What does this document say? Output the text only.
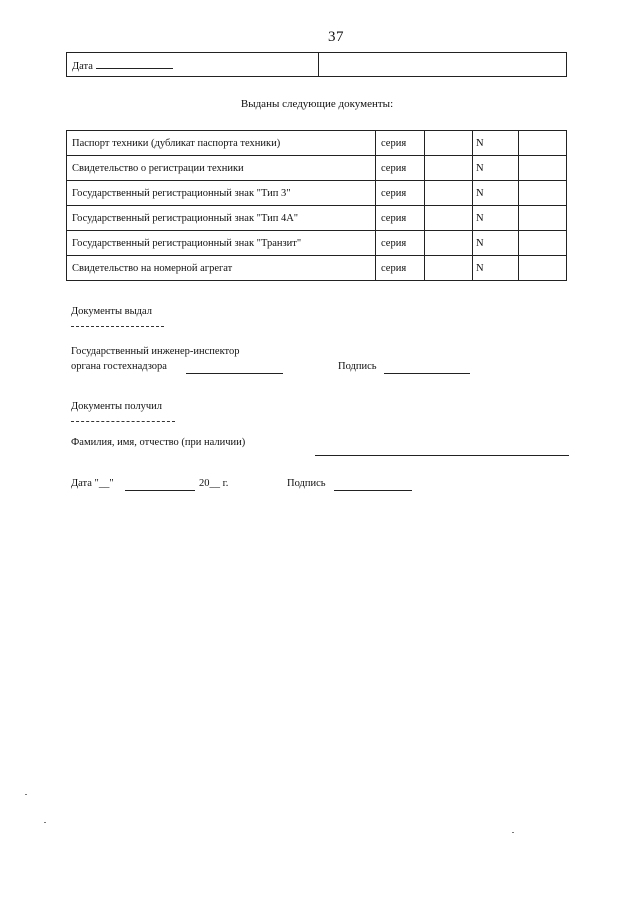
37
Дата	
Выданы следующие документы:
Паспорт техники (дубликат паспорта техники)	серия		N	
Свидетельство о регистрации техники	серия		N	
Государственный регистрационный знак "Тип 3"	серия		N	
Государственный регистрационный знак "Тип 4А"	серия		N	
Государственный регистрационный знак "Транзит"	серия		N	
Свидетельство на номерной агрегат	серия		N	
Документы выдал
Государственный инженер-инспектор
органа гостехнадзора	Подпись
Документы получил
Фамилия, имя, отчество (при наличии)
Дата "__"	20__ г.	Подпись
